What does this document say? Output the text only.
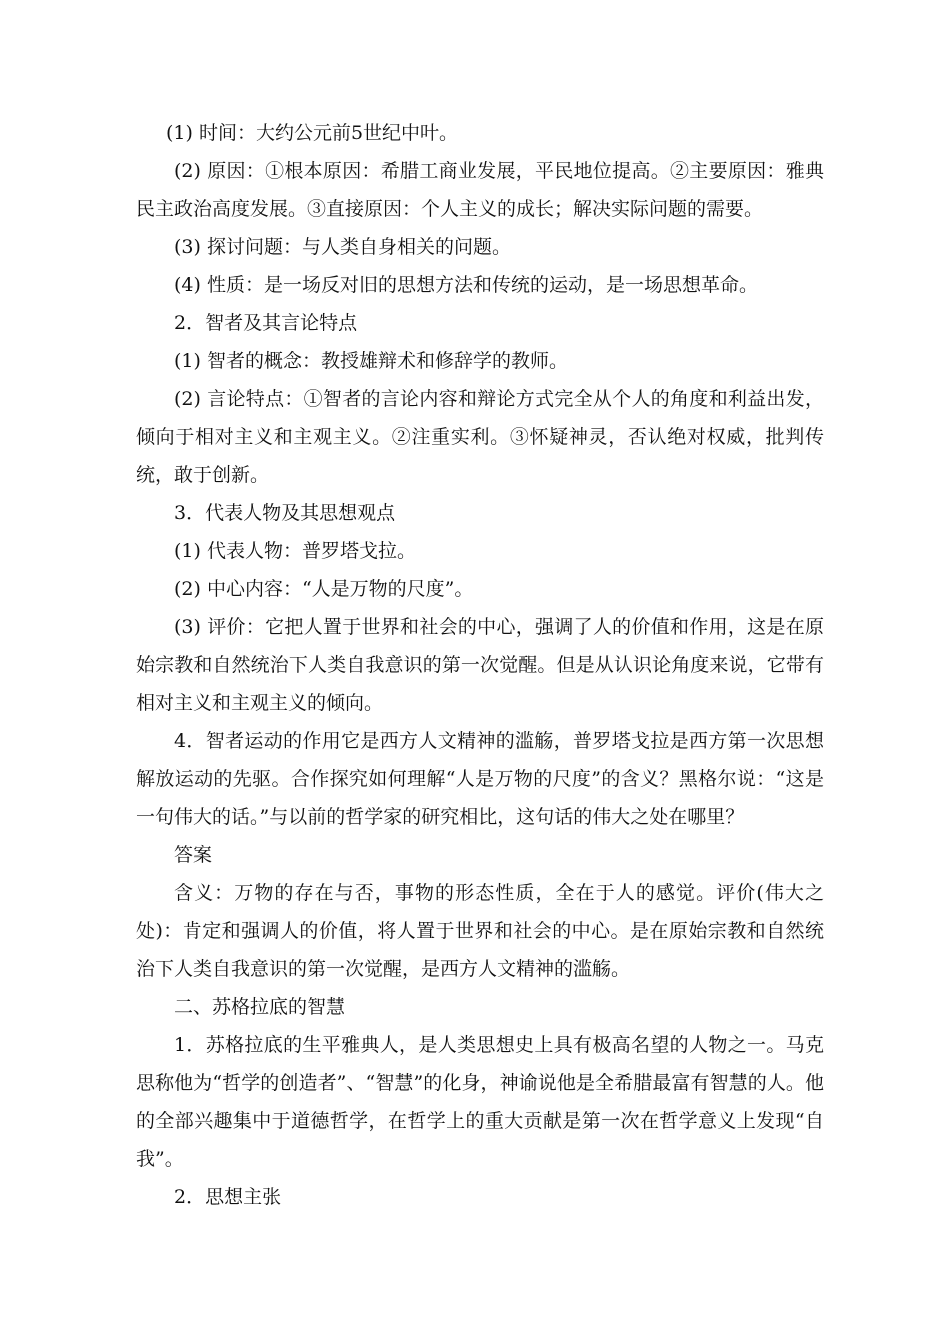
(1) 时间：大约公元前5世纪中叶。

(2) 原因：①根本原因：希腊工商业发展，平民地位提高。②主要原因：雅典民主政治高度发展。③直接原因：个人主义的成长；解决实际问题的需要。

(3) 探讨问题：与人类自身相关的问题。

(4) 性质：是一场反对旧的思想方法和传统的运动，是一场思想革命。

2．智者及其言论特点

(1) 智者的概念：教授雄辩术和修辞学的教师。

(2) 言论特点：①智者的言论内容和辩论方式完全从个人的角度和利益出发，倾向于相对主义和主观主义。②注重实利。③怀疑神灵，否认绝对权威，批判传统，敢于创新。

3．代表人物及其思想观点

(1) 代表人物：普罗塔戈拉。

(2) 中心内容：“人是万物的尺度”。

(3) 评价：它把人置于世界和社会的中心，强调了人的价值和作用，这是在原始宗教和自然统治下人类自我意识的第一次觉醒。但是从认识论角度来说，它带有相对主义和主观主义的倾向。

4．智者运动的作用它是西方人文精神的滥觞，普罗塔戈拉是西方第一次思想解放运动的先驱。合作探究如何理解“人是万物的尺度”的含义？黑格尔说：“这是一句伟大的话。”与以前的哲学家的研究相比，这句话的伟大之处在哪里？

答案

含义：万物的存在与否，事物的形态性质，全在于人的感觉。评价(伟大之处)：肯定和强调人的价值，将人置于世界和社会的中心。是在原始宗教和自然统治下人类自我意识的第一次觉醒，是西方人文精神的滥觞。

二、苏格拉底的智慧

1．苏格拉底的生平雅典人，是人类思想史上具有极高名望的人物之一。马克思称他为“哲学的创造者”、“智慧”的化身，神谕说他是全希腊最富有智慧的人。他的全部兴趣集中于道德哲学，在哲学上的重大贡献是第一次在哲学意义上发现“自我”。

2．思想主张
